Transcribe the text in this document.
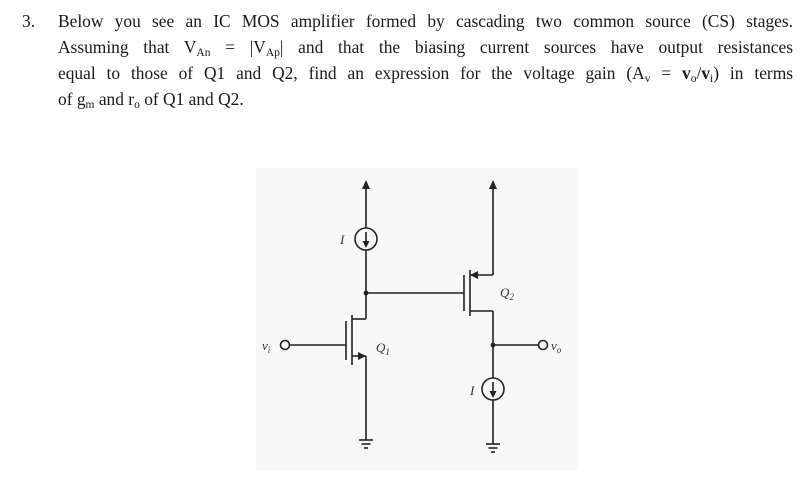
3. Below you see an IC MOS amplifier formed by cascading two common source (CS) stages.
Assuming that $V_{An} = |V_{Ap}|$ and that the biasing current sources have output resistances
equal to those of Q1 and Q2, find an expression for the voltage gain $(A_v = v_o/v_i)$ in terms
of $g_m$ and $r_o$ of Q1 and Q2.
I
I
$Q_1$
$Q_2$
$v_i$	$v_o$
